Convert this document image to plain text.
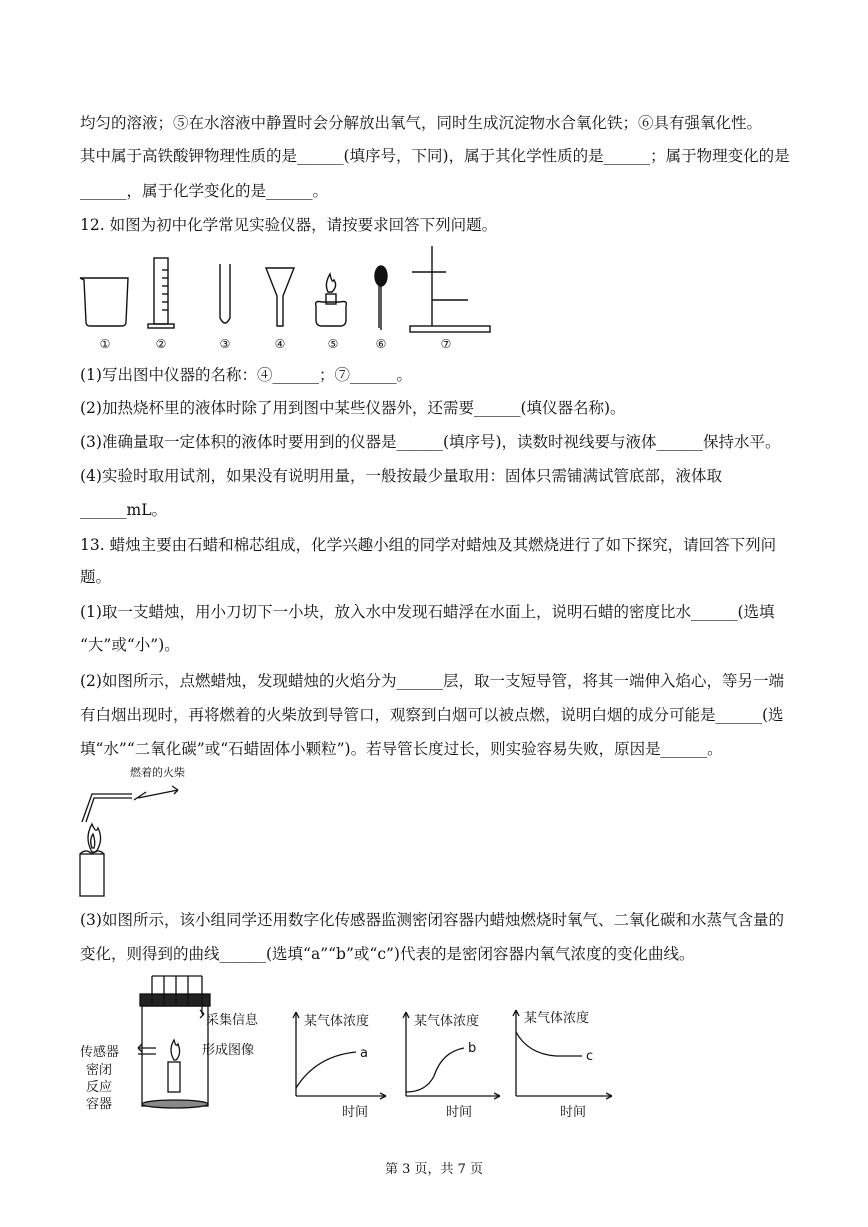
均匀的溶液；⑤在水溶液中静置时会分解放出氧气，同时生成沉淀物水合氧化铁；⑥具有强氧化性。
其中属于高铁酸钾物理性质的是______(填序号，下同)，属于其化学性质的是______；属于物理变化的是
______，属于化学变化的是______。
12. 如图为初中化学常见实验仪器，请按要求回答下列问题。
①	②	③	④	⑤	⑥	⑦
(1)写出图中仪器的名称：④______；⑦______。
(2)加热烧杯里的液体时除了用到图中某些仪器外，还需要______(填仪器名称)。
(3)准确量取一定体积的液体时要用到的仪器是______(填序号)，读数时视线要与液体______保持水平。
(4)实验时取用试剂，如果没有说明用量，一般按最少量取用：固体只需铺满试管底部，液体取
______mL。
13. 蜡烛主要由石蜡和棉芯组成，化学兴趣小组的同学对蜡烛及其燃烧进行了如下探究，请回答下列问
题。
(1)取一支蜡烛，用小刀切下一小块，放入水中发现石蜡浮在水面上，说明石蜡的密度比水______(选填
“大”或“小”)。
(2)如图所示，点燃蜡烛，发现蜡烛的火焰分为______层，取一支短导管，将其一端伸入焰心，等另一端
有白烟出现时，再将燃着的火柴放到导管口，观察到白烟可以被点燃，说明白烟的成分可能是______(选
填“水”“二氧化碳”或“石蜡固体小颗粒”)。若导管长度过长，则实验容易失败，原因是______。
燃着的火柴
(3)如图所示，该小组同学还用数字化传感器监测密闭容器内蜡烛燃烧时氧气、二氧化碳和水蒸气含量的
变化，则得到的曲线______(选填“a”“b”或“c”)代表的是密闭容器内氧气浓度的变化曲线。
采集信息
形成图像
传感器
密闭
反应
容器
某气体浓度
a
时间
某气体浓度
b
时间
某气体浓度
c
时间
第 3 页，共 7 页
